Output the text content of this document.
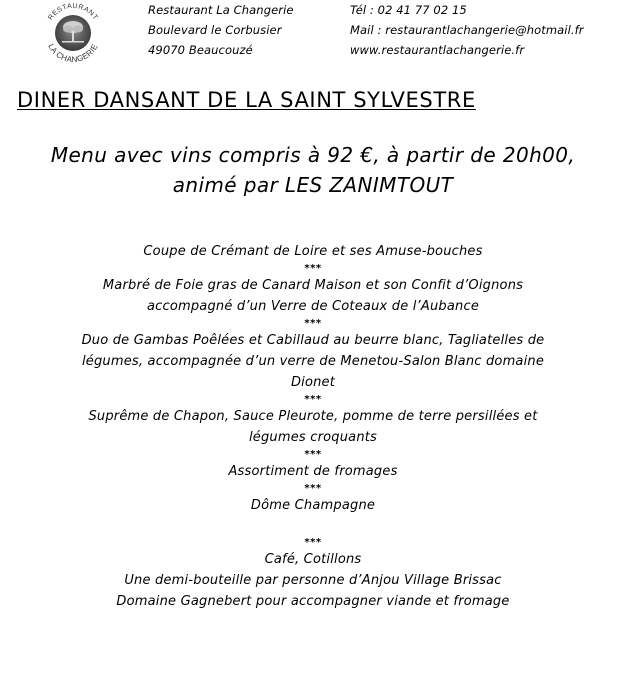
RESTAURANT
LA CHANGERIE
Restaurant La Changerie
Boulevard le Corbusier
49070 Beaucouzé
Tél : 02 41 77 02 15
Mail : restaurantlachangerie@hotmail.fr
www.restaurantlachangerie.fr
DINER DANSANT DE LA SAINT SYLVESTRE
Menu avec vins compris à 92 €, à partir de 20h00,
animé par LES ZANIMTOUT
Coupe de Crémant de Loire et ses Amuse-bouches
***
Marbré de Foie gras de Canard Maison et son Confit d’Oignons
accompagné d’un Verre de Coteaux de l’Aubance
***
Duo de Gambas Poêlées et Cabillaud au beurre blanc, Tagliatelles de
légumes, accompagnée d’un verre de Menetou-Salon Blanc domaine
Dionet
***
Suprême de Chapon, Sauce Pleurote, pomme de terre persillées et
légumes croquants
***
Assortiment de fromages
***
Dôme Champagne
***
Café, Cotillons
Une demi-bouteille par personne d’Anjou Village Brissac
Domaine Gagnebert pour accompagner viande et fromage
